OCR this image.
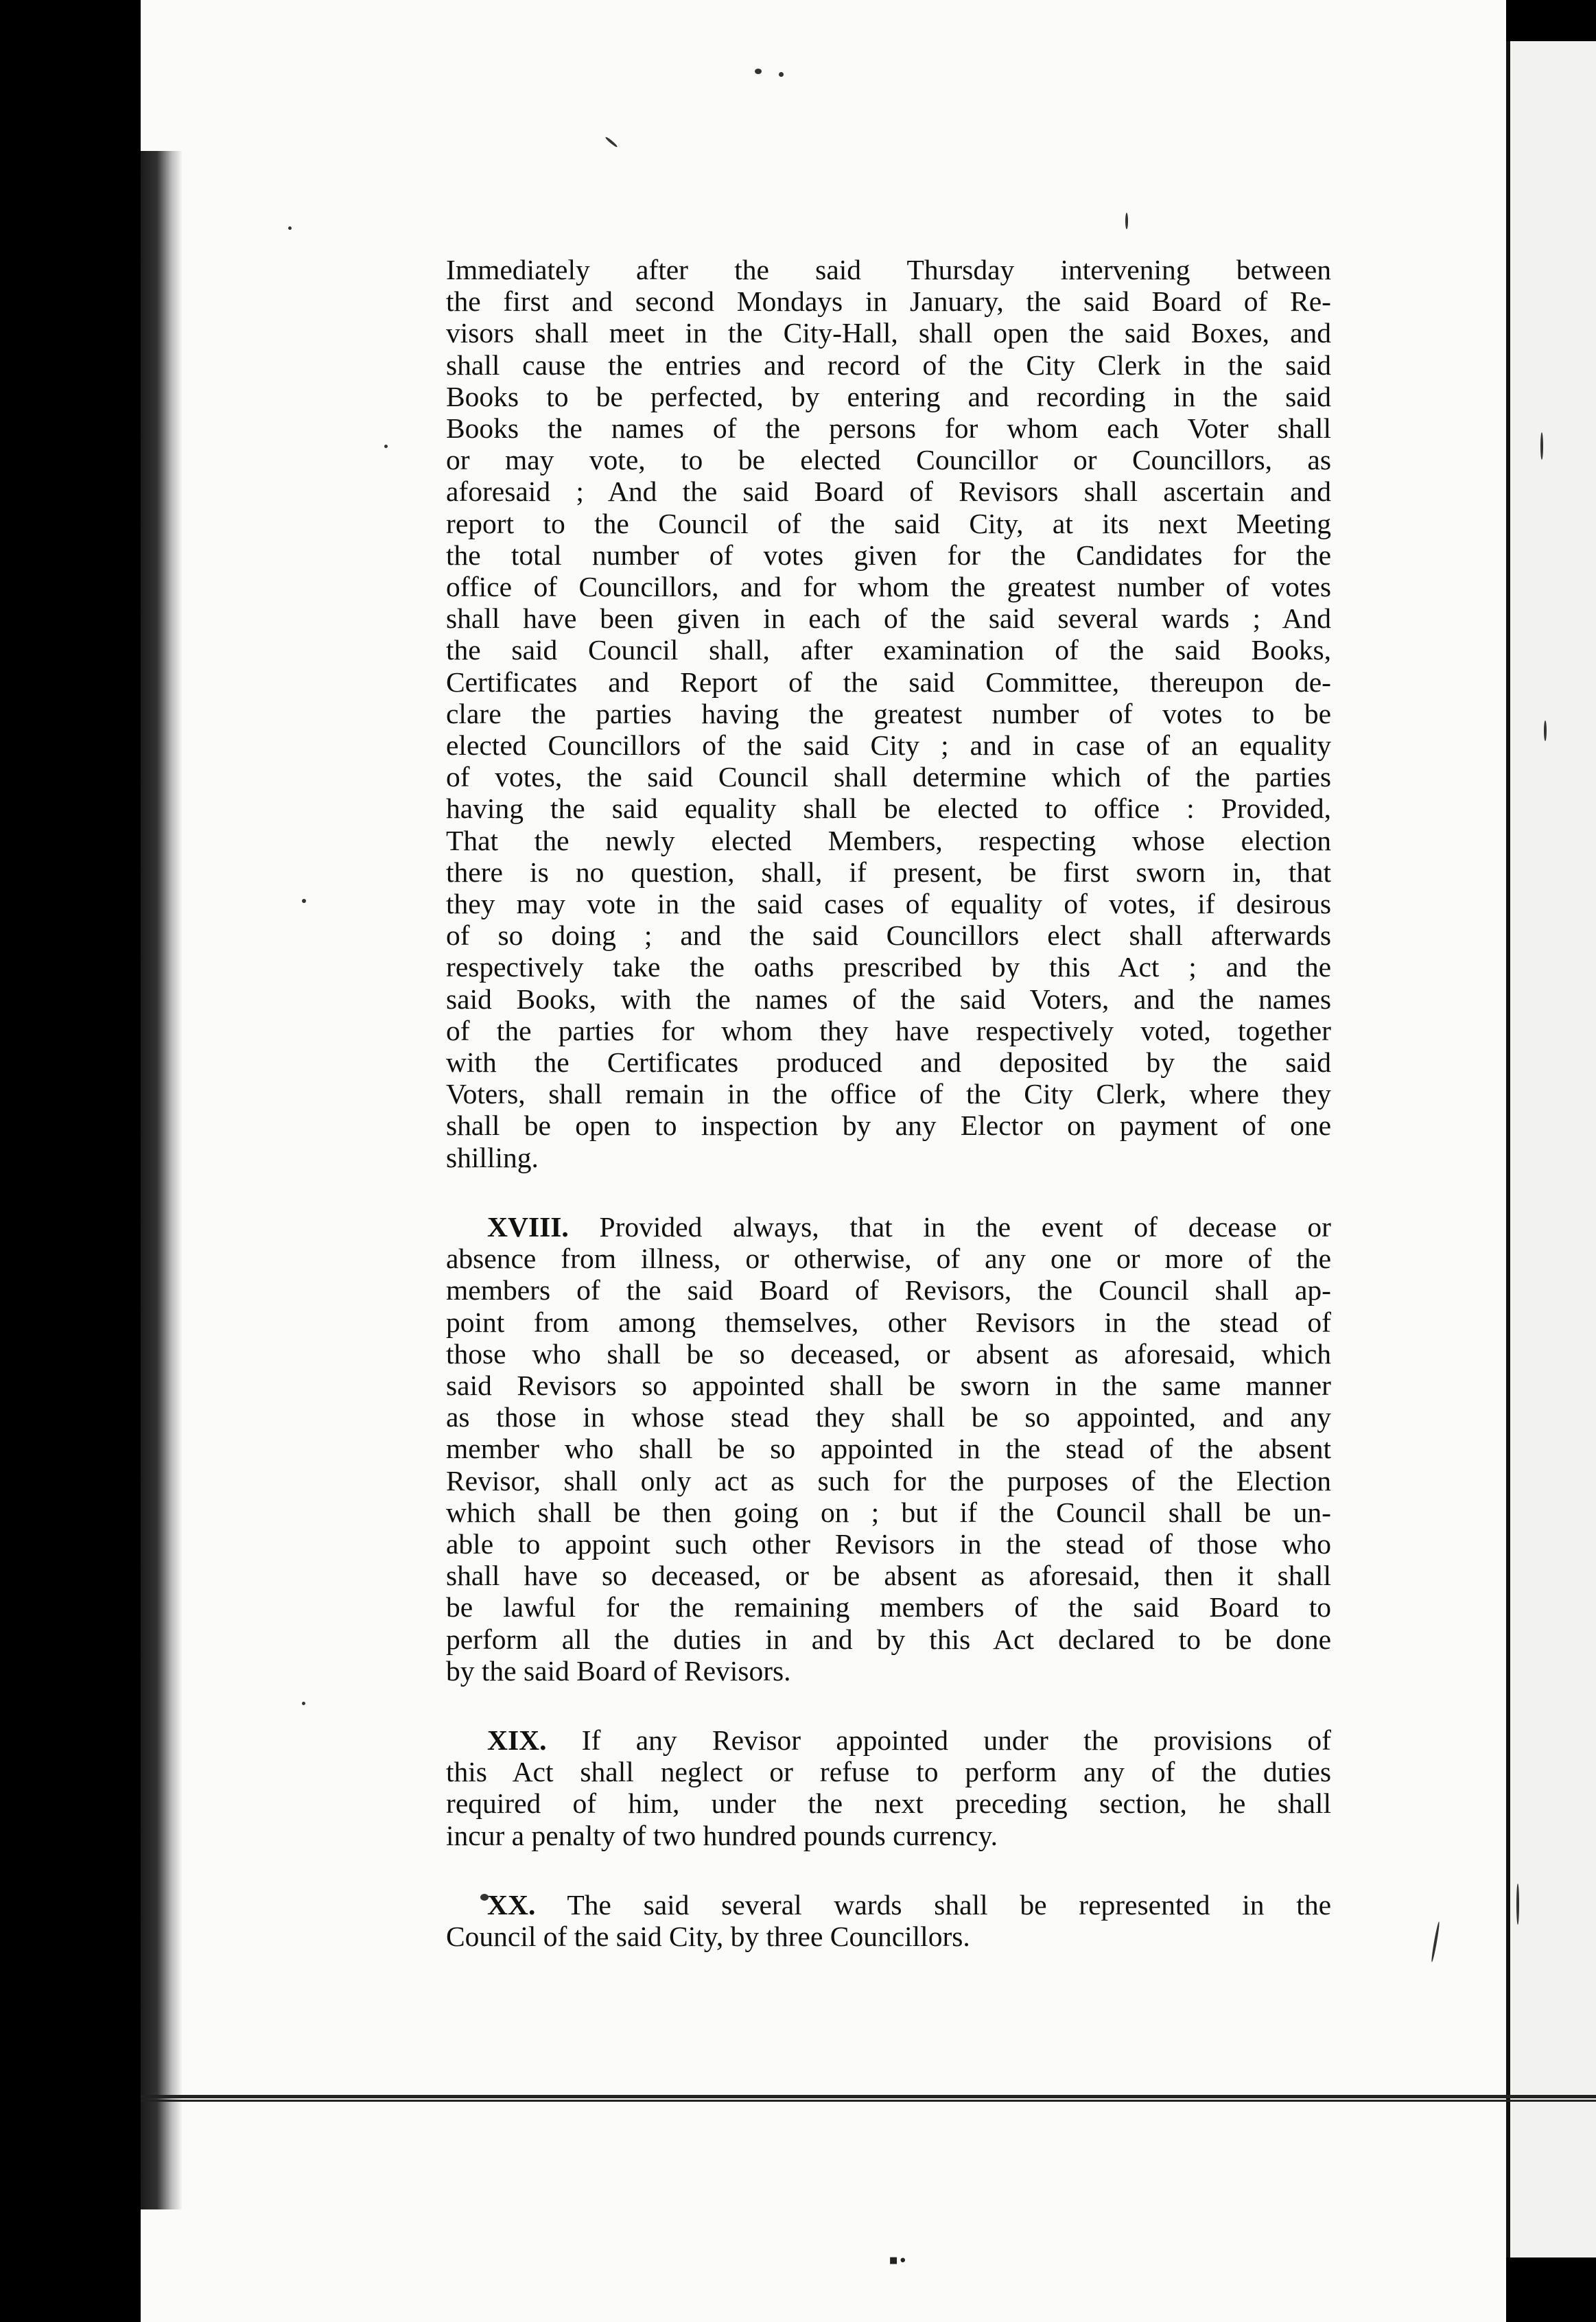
Immediately after the said Thursday intervening between
the first and second Mondays in January, the said Board of Re-
visors shall meet in the City-Hall, shall open the said Boxes, and
shall cause the entries and record of the City Clerk in the said
Books to be perfected, by entering and recording in the said
Books the names of the persons for whom each Voter shall
or may vote, to be elected Councillor or Councillors, as
aforesaid ; And the said Board of Revisors shall ascertain and
report to the Council of the said City, at its next Meeting
the total number of votes given for the Candidates for the
office of Councillors, and for whom the greatest number of votes
shall have been given in each of the said several wards ; And
the said Council shall, after examination of the said Books,
Certificates and Report of the said Committee, thereupon de-
clare the parties having the greatest number of votes to be
elected Councillors of the said City ; and in case of an equality
of votes, the said Council shall determine which of the parties
having the said equality shall be elected to office : Provided,
That the newly elected Members, respecting whose election
there is no question, shall, if present, be first sworn in, that
they may vote in the said cases of equality of votes, if desirous
of so doing ; and the said Councillors elect shall afterwards
respectively take the oaths prescribed by this Act ; and the
said Books, with the names of the said Voters, and the names
of the parties for whom they have respectively voted, together
with the Certificates produced and deposited by the said
Voters, shall remain in the office of the City Clerk, where they
shall be open to inspection by any Elector on payment of one
shilling.
XVIII. Provided always, that in the event of decease or
absence from illness, or otherwise, of any one or more of the
members of the said Board of Revisors, the Council shall ap-
point from among themselves, other Revisors in the stead of
those who shall be so deceased, or absent as aforesaid, which
said Revisors so appointed shall be sworn in the same manner
as those in whose stead they shall be so appointed, and any
member who shall be so appointed in the stead of the absent
Revisor, shall only act as such for the purposes of the Election
which shall be then going on ; but if the Council shall be un-
able to appoint such other Revisors in the stead of those who
shall have so deceased, or be absent as aforesaid, then it shall
be lawful for the remaining members of the said Board to
perform all the duties in and by this Act declared to be done
by the said Board of Revisors.
XIX. If any Revisor appointed under the provisions of
this Act shall neglect or refuse to perform any of the duties
required of him, under the next preceding section, he shall
incur a penalty of two hundred pounds currency.
XX. The said several wards shall be represented in the
Council of the said City, by three Councillors.
▪·
